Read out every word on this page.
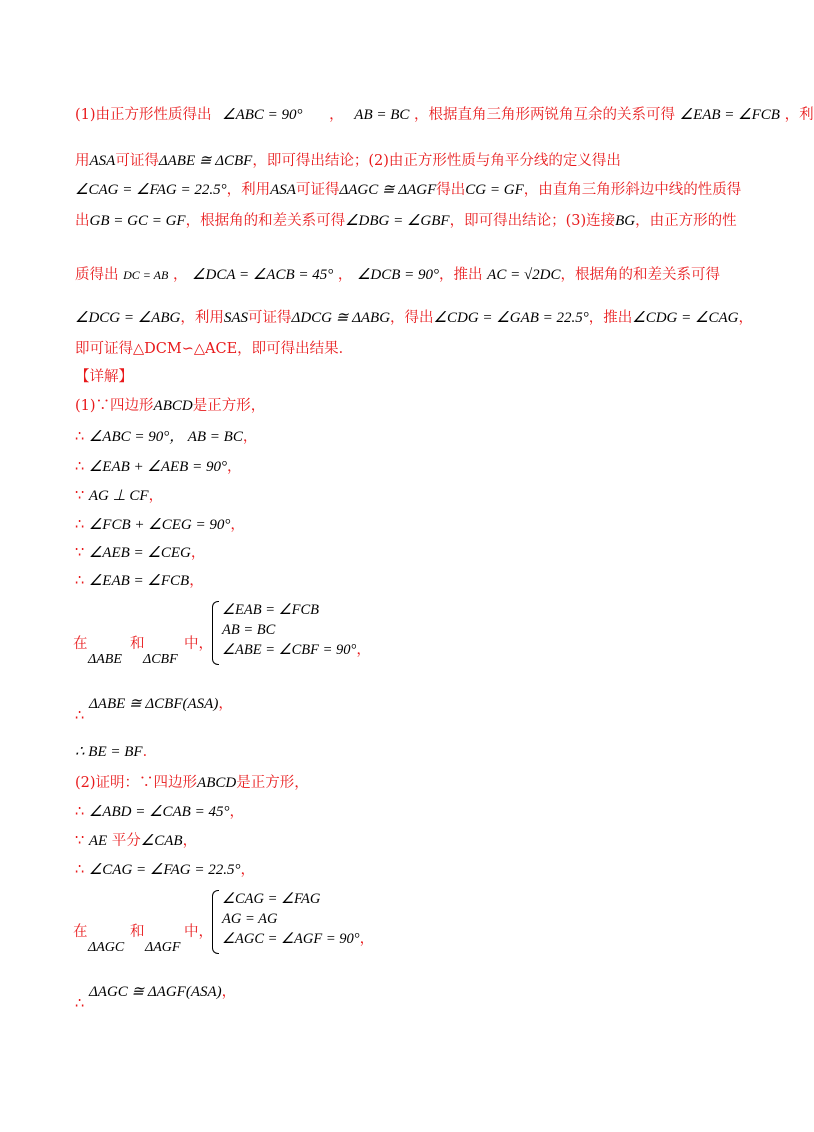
(1)由正方形性质得出 ∠ABC = 90° ， AB = BC ，根据直角三角形两锐角互余的关系可得 ∠EAB = ∠FCB ，利
用ASA可证得ΔABE ≅ ΔCBF，即可得出结论；(2)由正方形性质与角平分线的定义得出
∠CAG = ∠FAG = 22.5°，利用ASA可证得ΔAGC ≅ ΔAGF得出CG = GF，由直角三角形斜边中线的性质得
出GB = GC = GF，根据角的和差关系可得∠DBG = ∠GBF，即可得出结论；(3)连接BG，由正方形的性
质得出 DC = AB ， ∠DCA = ∠ACB = 45° ， ∠DCB = 90°，推出 AC = √2DC，根据角的和差关系可得
∠DCG = ∠ABG，利用SAS可证得ΔDCG ≅ ΔABG，得出∠CDG = ∠GAB = 22.5°，推出∠CDG = ∠CAG，
即可证得△DCM∽△ACE，即可得出结果．
【详解】
(1)∵四边形ABCD是正方形，
∴ ∠ABC = 90°， AB = BC，
∴ ∠EAB + ∠AEB = 90°，
∵ AG ⊥ CF，
∴ ∠FCB + ∠CEG = 90°，
∵ ∠AEB = ∠CEG，
∴ ∠EAB = ∠FCB，
在
ΔABE
和
ΔCBF
中，
∠EAB = ∠FCB
AB = BC
∠ABE = ∠CBF = 90°，
ΔABE ≅ ΔCBF(ASA)，
∴
∴ BE = BF．
(2)证明：∵四边形ABCD是正方形，
∴ ∠ABD = ∠CAB = 45°，
∵ AE 平分∠CAB，
∴ ∠CAG = ∠FAG = 22.5°，
在
ΔAGC
和
ΔAGF
中，
∠CAG = ∠FAG
AG = AG
∠AGC = ∠AGF = 90°，
ΔAGC ≅ ΔAGF(ASA)，
∴
